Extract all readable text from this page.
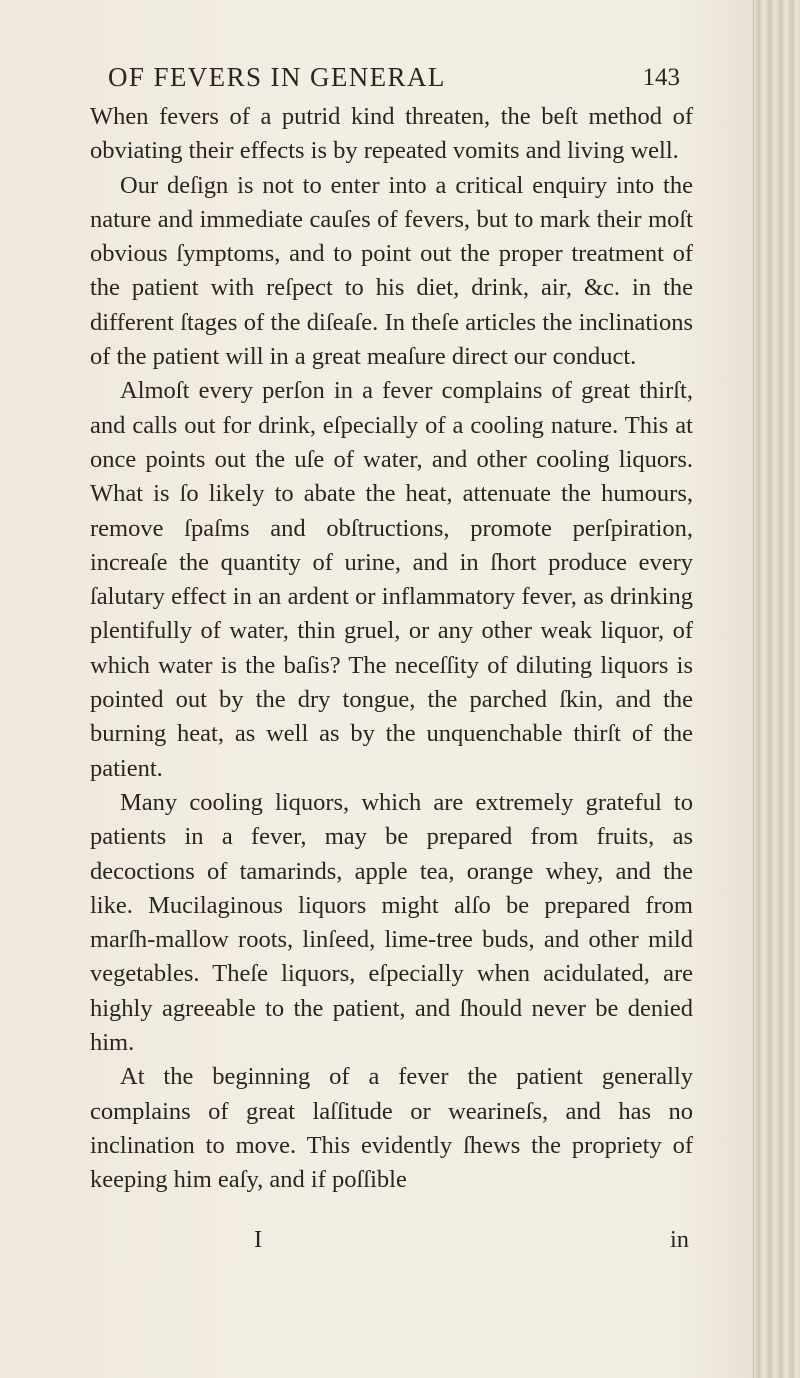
OF FEVERS IN GENERAL	143

When fevers of a putrid kind threaten, the beſt method of obviating their effects is by repeated vomits and living well.

Our deſign is not to enter into a critical enquiry into the nature and immediate cauſes of fevers, but to mark their moſt obvious ſymptoms, and to point out the proper treatment of the patient with reſpect to his diet, drink, air, &c. in the different ſtages of the diſeaſe. In theſe articles the inclinations of the patient will in a great meaſure direct our conduct.

Almoſt every perſon in a fever complains of great thirſt, and calls out for drink, eſpecially of a cooling nature. This at once points out the uſe of water, and other cooling liquors. What is ſo likely to abate the heat, attenuate the humours, remove ſpaſms and obſtructions, promote perſpiration, increaſe the quantity of urine, and in ſhort produce every ſalutary effect in an ardent or inflammatory fever, as drinking plentifully of water, thin gruel, or any other weak liquor, of which water is the baſis? The neceſſity of diluting liquors is pointed out by the dry tongue, the parched ſkin, and the burning heat, as well as by the unquenchable thirſt of the patient.

Many cooling liquors, which are extremely grateful to patients in a fever, may be prepared from fruits, as decoctions of tamarinds, apple tea, orange whey, and the like. Mucilaginous liquors might alſo be prepared from marſh-mallow roots, linſeed, lime-tree buds, and other mild vegetables. Theſe liquors, eſpecially when acidulated, are highly agreeable to the patient, and ſhould never be denied him.

At the beginning of a fever the patient generally complains of great laſſitude or wearineſs, and has no inclination to move. This evidently ſhews the propriety of keeping him eaſy, and if poſſible

I	in
